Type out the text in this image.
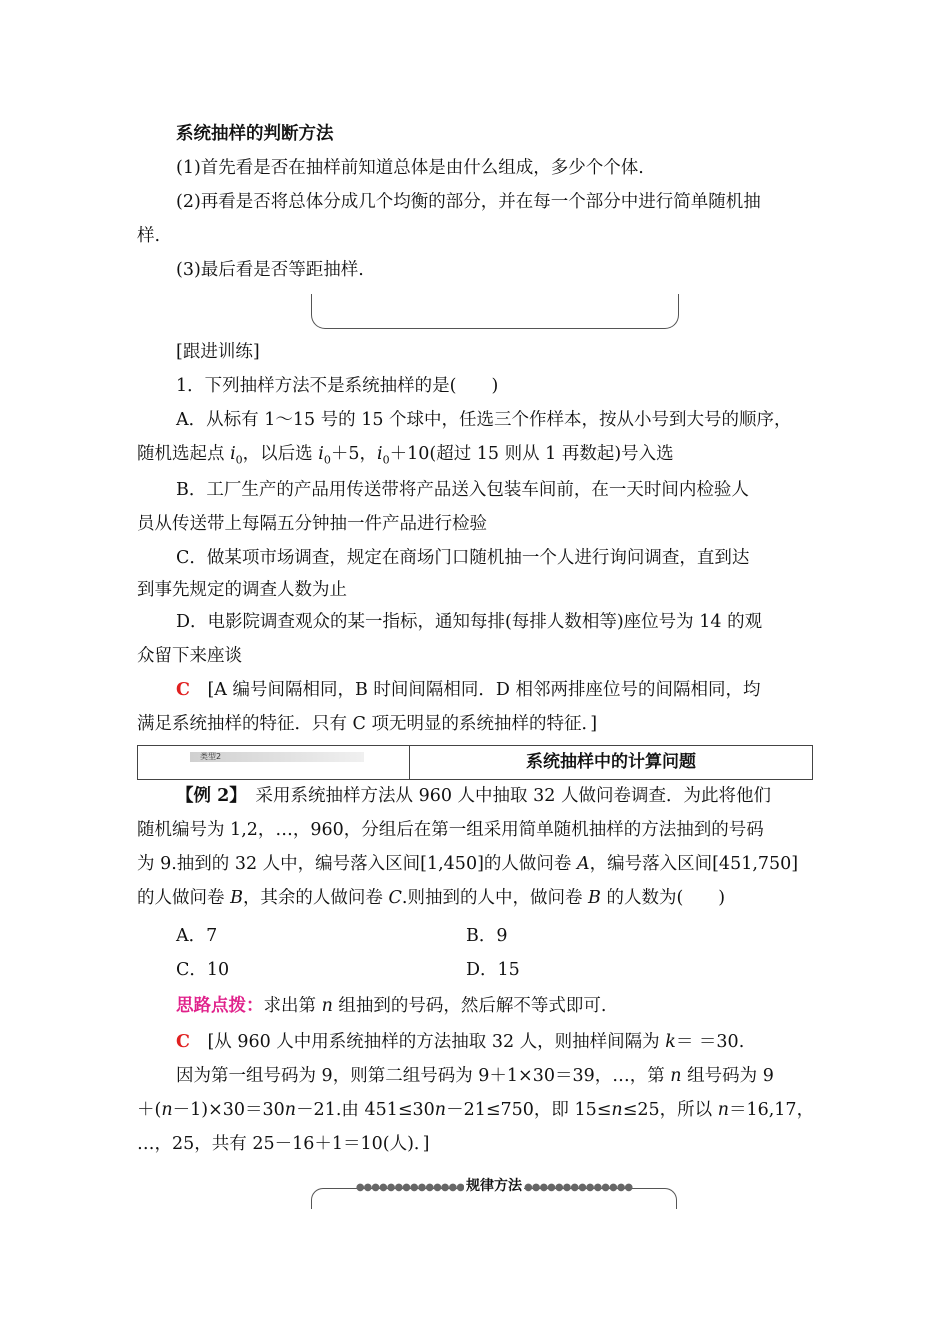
系统抽样的判断方法
(1)首先看是否在抽样前知道总体是由什么组成，多少个个体.
(2)再看是否将总体分成几个均衡的部分，并在每一个部分中进行简单随机抽
样.
(3)最后看是否等距抽样.
[跟进训练]
1．下列抽样方法不是系统抽样的是(　　)
A．从标有 1～15 号的 15 个球中，任选三个作样本，按从小号到大号的顺序，
随机选起点 $i_0$，以后选 $i_0+5$，$i_0+10$(超过 15 则从 1 再数起)号入选
B．工厂生产的产品用传送带将产品送入包装车间前，在一天时间内检验人
员从传送带上每隔五分钟抽一件产品进行检验
C．做某项市场调查，规定在商场门口随机抽一个人进行询问调查，直到达
到事先规定的调查人数为止
D．电影院调查观众的某一指标，通知每排(每排人数相等)座位号为 14 的观
众留下来座谈
C　 [A 编号间隔相同，B 时间间隔相同．D 相邻两排座位号的间隔相同，均
满足系统抽样的特征．只有 C 项无明显的系统抽样的特征．]
类型2	系统抽样中的计算问题
【例 2】　采用系统抽样方法从 960 人中抽取 32 人做问卷调查．为此将他们
随机编号为 1,2，…，960，分组后在第一组采用简单随机抽样的方法抽到的号码
为 9.抽到的 32 人中，编号落入区间[1,450]的人做问卷 A，编号落入区间[451,750]
的人做问卷 B，其余的人做问卷 C.则抽到的人中，做问卷 B 的人数为(　　)
A．7	B．9
C．10	D．15
思路点拨：求出第 n 组抽到的号码，然后解不等式即可.
C　 [从 960 人中用系统抽样的方法抽取 32 人，则抽样间隔为 k＝ ＝30.
因为第一组号码为 9，则第二组号码为 9＋1×30＝39，…，第 n 组号码为 9
＋(n－1)×30＝30n－21.由 451≤30n－21≤750，即 15≤n≤25，所以 n＝16,17，
…，25，共有 25－16＋1＝10(人)．]
●●●●●●●●●●●●●● 规律方法 ●●●●●●●●●●●●●●
